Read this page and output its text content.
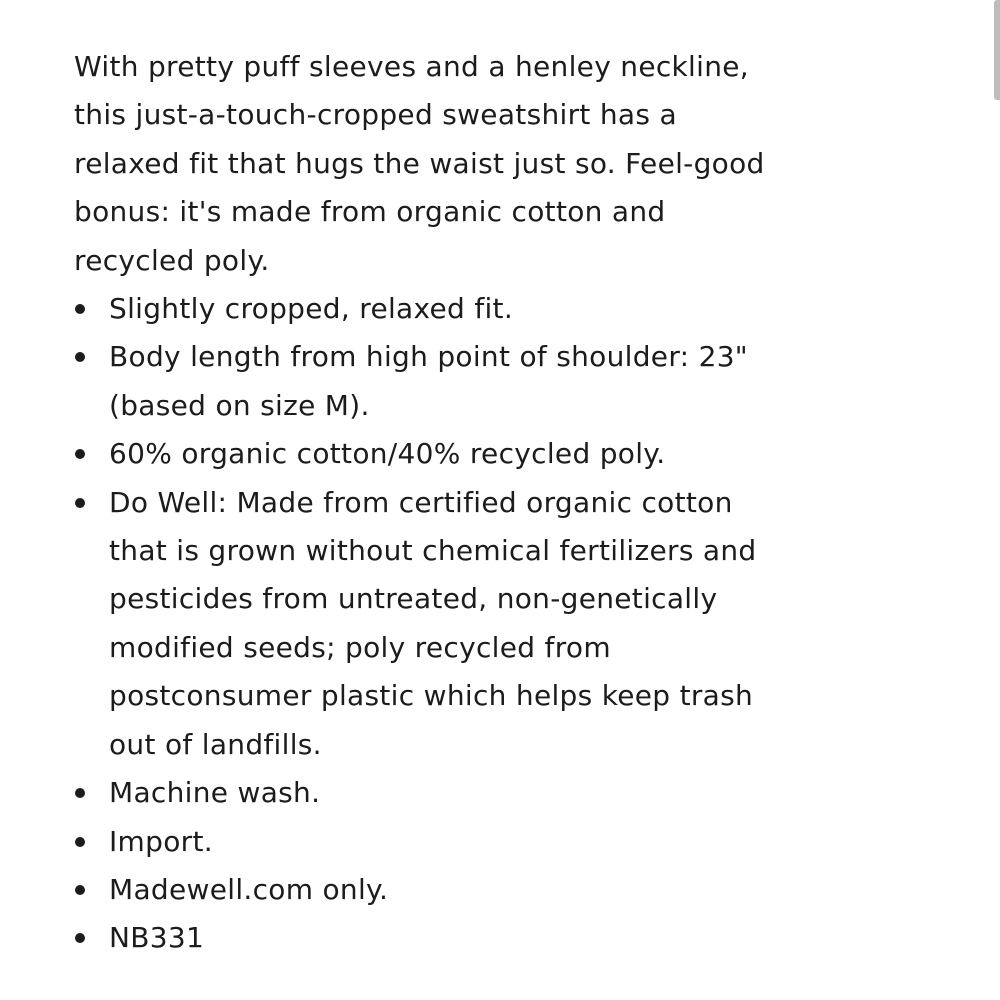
With pretty puff sleeves and a henley neckline,
this just-a-touch-cropped sweatshirt has a
relaxed fit that hugs the waist just so. Feel-good
bonus: it's made from organic cotton and
recycled poly.

Slightly cropped, relaxed fit.
Body length from high point of shoulder: 23"
(based on size M).
60% organic cotton/40% recycled poly.
Do Well: Made from certified organic cotton
that is grown without chemical fertilizers and
pesticides from untreated, non-genetically
modified seeds; poly recycled from
postconsumer plastic which helps keep trash
out of landfills.
Machine wash.
Import.
Madewell.com only.
NB331
